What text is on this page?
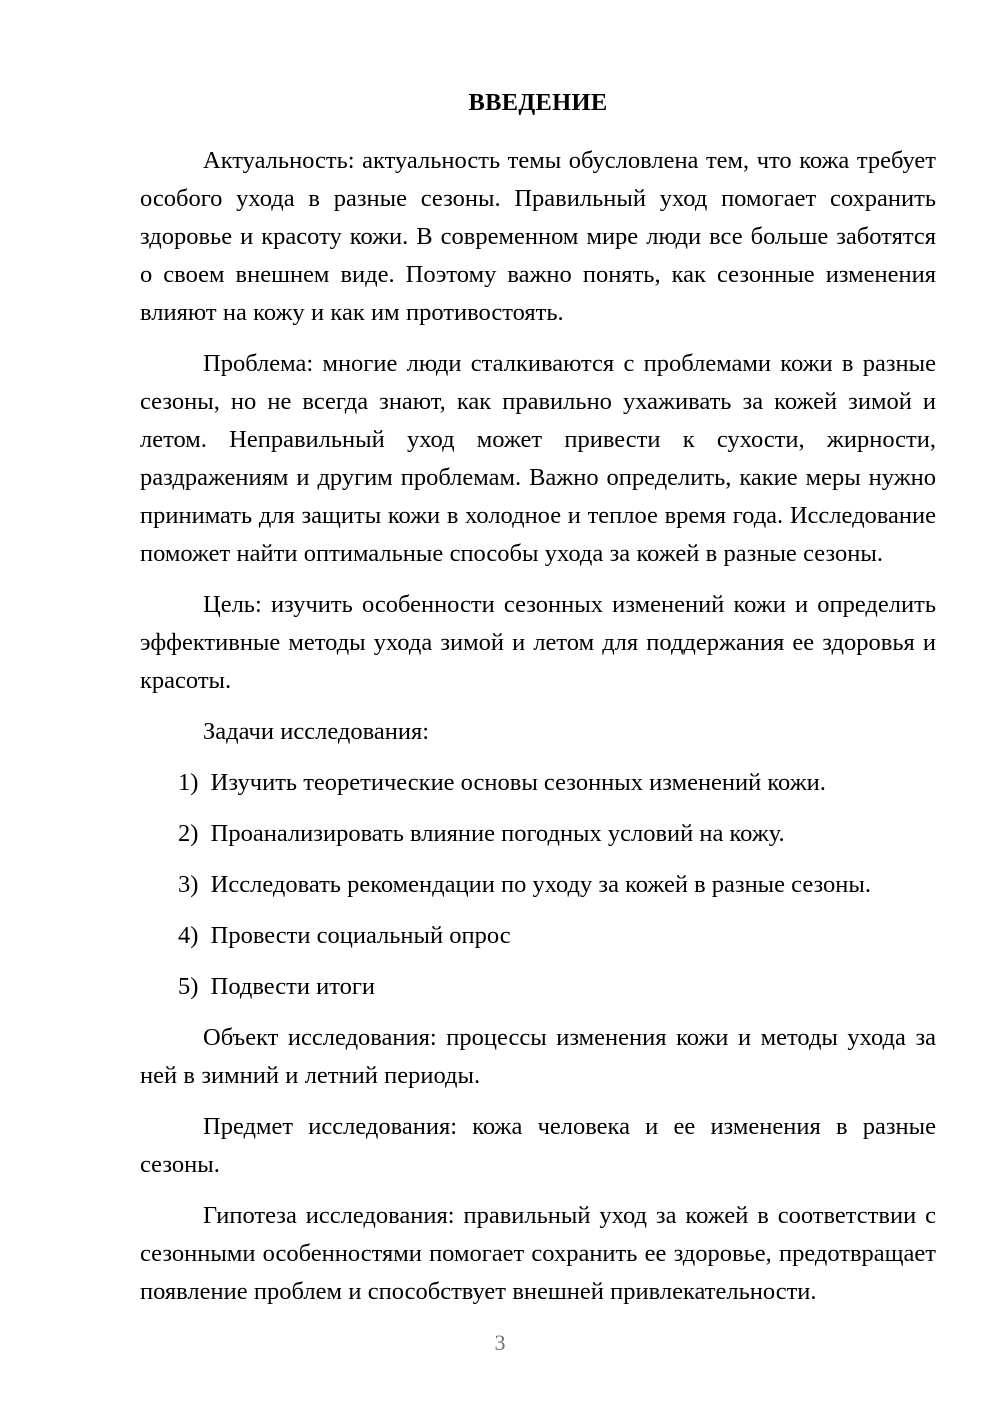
ВВЕДЕНИЕ

Актуальность: актуальность темы обусловлена тем, что кожа требует особого ухода в разные сезоны. Правильный уход помогает сохранить здоровье и красоту кожи. В современном мире люди все больше заботятся о своем внешнем виде. Поэтому важно понять, как сезонные изменения влияют на кожу и как им противостоять.

Проблема: многие люди сталкиваются с проблемами кожи в разные сезоны, но не всегда знают, как правильно ухаживать за кожей зимой и летом. Неправильный уход может привести к сухости, жирности, раздражениям и другим проблемам. Важно определить, какие меры нужно принимать для защиты кожи в холодное и теплое время года. Исследование поможет найти оптимальные способы ухода за кожей в разные сезоны.

Цель: изучить особенности сезонных изменений кожи и определить эффективные методы ухода зимой и летом для поддержания ее здоровья и красоты.

Задачи исследования:

1)  Изучить теоретические основы сезонных изменений кожи.
2)  Проанализировать влияние погодных условий на кожу.
3)  Исследовать рекомендации по уходу за кожей в разные сезоны.
4)  Провести социальный опрос
5)  Подвести итоги

Объект исследования: процессы изменения кожи и методы ухода за ней в зимний и летний периоды.

Предмет исследования: кожа человека и ее изменения в разные сезоны.

Гипотеза исследования: правильный уход за кожей в соответствии с сезонными особенностями помогает сохранить ее здоровье, предотвращает появление проблем и способствует внешней привлекательности.

3
